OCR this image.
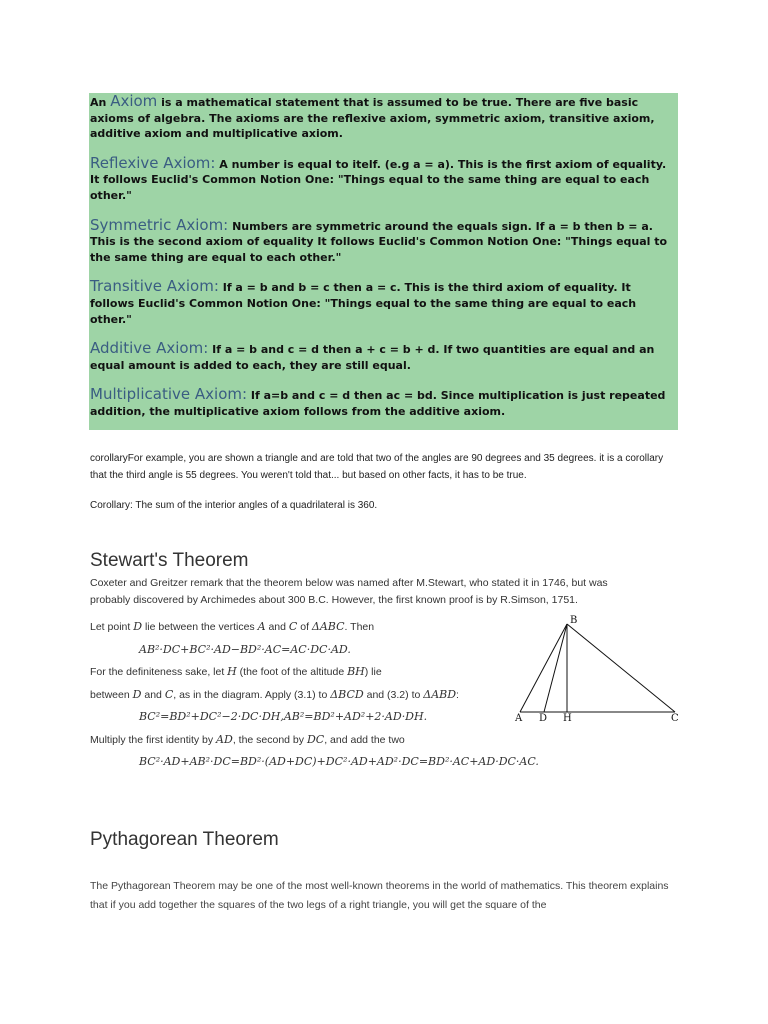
An Axiom is a mathematical statement that is assumed to be true. There are five basic axioms of algebra. The axioms are the reflexive axiom, symmetric axiom, transitive axiom, additive axiom and multiplicative axiom.

Reflexive Axiom: A number is equal to itelf. (e.g a = a). This is the first axiom of equality. It follows Euclid's Common Notion One: "Things equal to the same thing are equal to each other."

Symmetric Axiom: Numbers are symmetric around the equals sign. If a = b then b = a. This is the second axiom of equality It follows Euclid's Common Notion One: "Things equal to the same thing are equal to each other."

Transitive Axiom: If a = b and b = c then a = c. This is the third axiom of equality. It follows Euclid's Common Notion One: "Things equal to the same thing are equal to each other."

Additive Axiom: If a = b and c = d then a + c = b + d. If two quantities are equal and an equal amount is added to each, they are still equal.

Multiplicative Axiom: If a=b and c = d then ac = bd. Since multiplication is just repeated addition, the multiplicative axiom follows from the additive axiom.

corollaryFor example, you are shown a triangle and are told that two of the angles are 90 degrees and 35 degrees. it is a corollary that the third angle is 55 degrees. You weren't told that... but based on other facts, it has to be true.
Corollary: The sum of the interior angles of a quadrilateral is 360.
Stewart's Theorem
Coxeter and Greitzer remark that the theorem below was named after M.Stewart, who stated it in 1746, but was probably discovered by Archimedes about 300 B.C. However, the first known proof is by R.Simson, 1751.
Let point D lie between the vertices A and C of ΔABC. Then
AB²·DC+BC²·AD−BD²·AC=AC·DC·AD.
For the definiteness sake, let H (the foot of the altitude BH) lie
between D and C, as in the diagram. Apply (3.1) to ΔBCD and (3.2) to ΔABD:
BC²=BD²+DC²−2·DC·DH,AB²=BD²+AD²+2·AD·DH.
Multiply the first identity by AD, the second by DC, and add the two
BC²·AD+AB²·DC=BD²·(AD+DC)+DC²·AD+AD²·DC=BD²·AC+AD·DC·AC.
B
A D H	C
Pythagorean Theorem
The Pythagorean Theorem may be one of the most well-known theorems in the world of mathematics. This theorem explains that if you add together the squares of the two legs of a right triangle, you will get the square of the
